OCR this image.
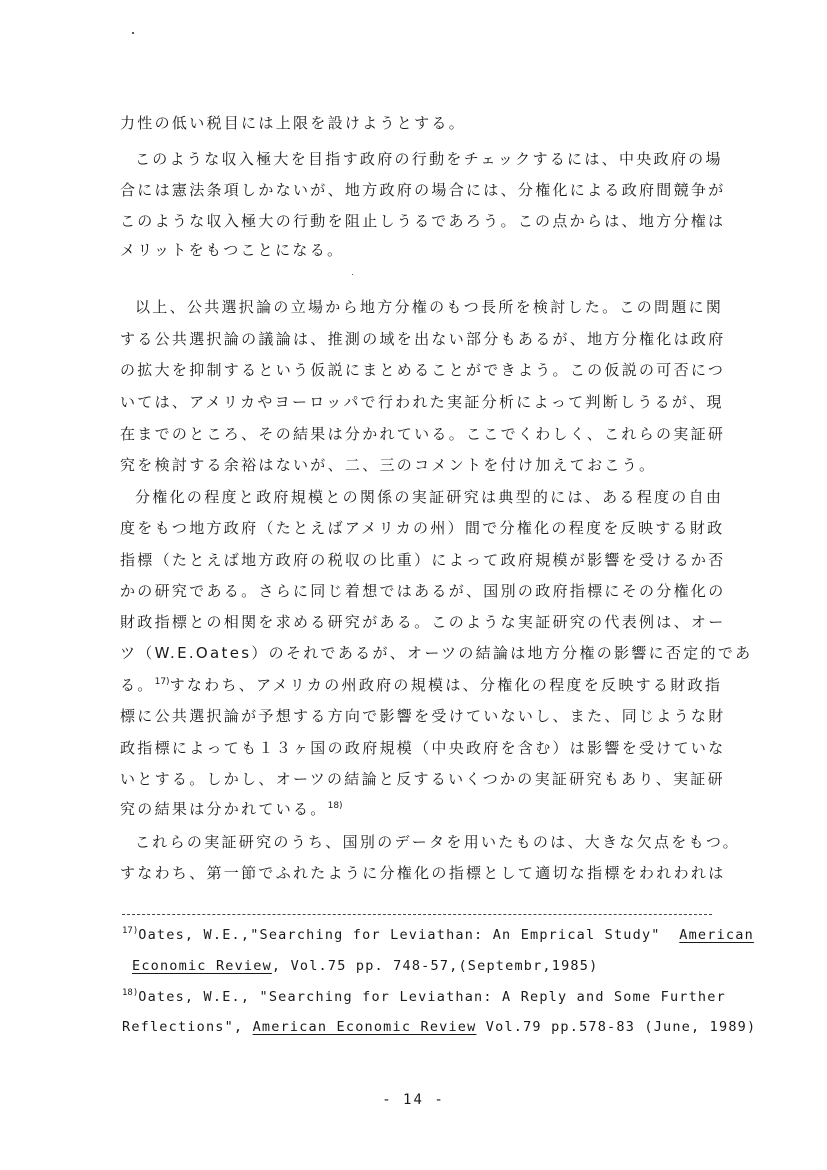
力性の低い税目には上限を設けようとする。

このような収入極大を目指す政府の行動をチェックするには、中央政府の場

合には憲法条項しかないが、地方政府の場合には、分権化による政府間競争が

このような収入極大の行動を阻止しうるであろう。この点からは、地方分権は

メリットをもつことになる。

以上、公共選択論の立場から地方分権のもつ長所を検討した。この問題に関

する公共選択論の議論は、推測の域を出ない部分もあるが、地方分権化は政府

の拡大を抑制するという仮説にまとめることができよう。この仮説の可否につ

いては、アメリカやヨーロッパで行われた実証分析によって判断しうるが、現

在までのところ、その結果は分かれている。ここでくわしく、これらの実証研

究を検討する余裕はないが、二、三のコメントを付け加えておこう。

分権化の程度と政府規模との関係の実証研究は典型的には、ある程度の自由

度をもつ地方政府（たとえばアメリカの州）間で分権化の程度を反映する財政

指標（たとえば地方政府の税収の比重）によって政府規模が影響を受けるか否

かの研究である。さらに同じ着想ではあるが、国別の政府指標にその分権化の

財政指標との相関を求める研究がある。このような実証研究の代表例は、オー

ツ（W.E.Oates）のそれであるが、オーツの結論は地方分権の影響に否定的であ

る。$^{17)}$すなわち、アメリカの州政府の規模は、分権化の程度を反映する財政指

標に公共選択論が予想する方向で影響を受けていないし、また、同じような財

政指標によっても１３ヶ国の政府規模（中央政府を含む）は影響を受けていな

いとする。しかし、オーツの結論と反するいくつかの実証研究もあり、実証研

究の結果は分かれている。$^{18)}$

これらの実証研究のうち、国別のデータを用いたものは、大きな欠点をもつ。

すなわち、第一節でふれたように分権化の指標として適切な指標をわれわれは

$^{17)}$Oates, W.E.,"Searching for Leviathan: An Emprical Study" American

Economic Review, Vol.75 pp. 748-57,(Septembr,1985)

$^{18)}$Oates, W.E., "Searching for Leviathan: A Reply and Some Further

Reflections", American Economic Review Vol.79 pp.578-83 (June, 1989)

- 14 -
